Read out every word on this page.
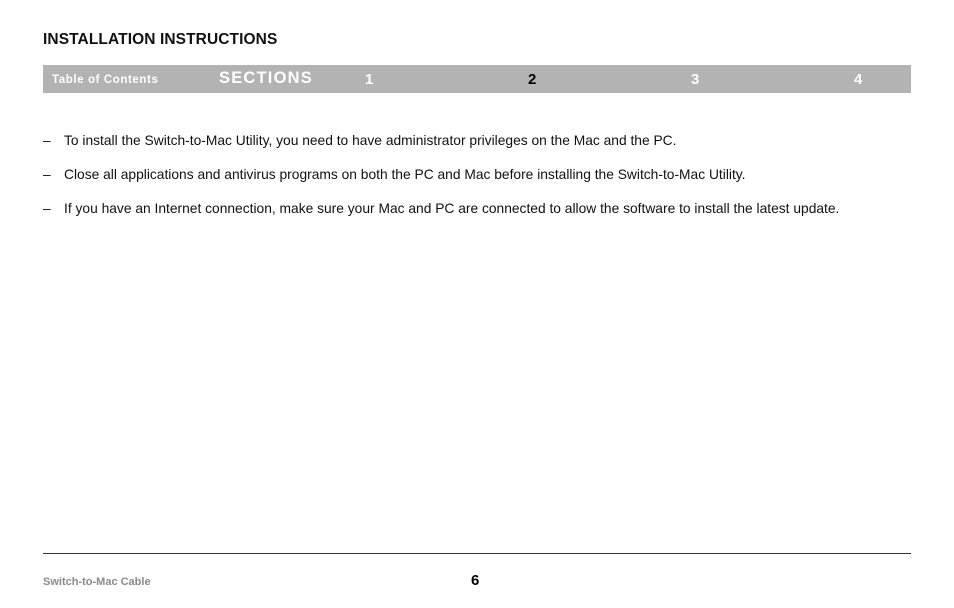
INSTALLATION INSTRUCTIONS
Table of Contents	SECTIONS	1	2	3	4
– To install the Switch-to-Mac Utility, you need to have administrator privileges on the Mac and the PC.
– Close all applications and antivirus programs on both the PC and Mac before installing the Switch-to-Mac Utility.
– If you have an Internet connection, make sure your Mac and PC are connected to allow the software to install the latest update.
Switch-to-Mac Cable	6
